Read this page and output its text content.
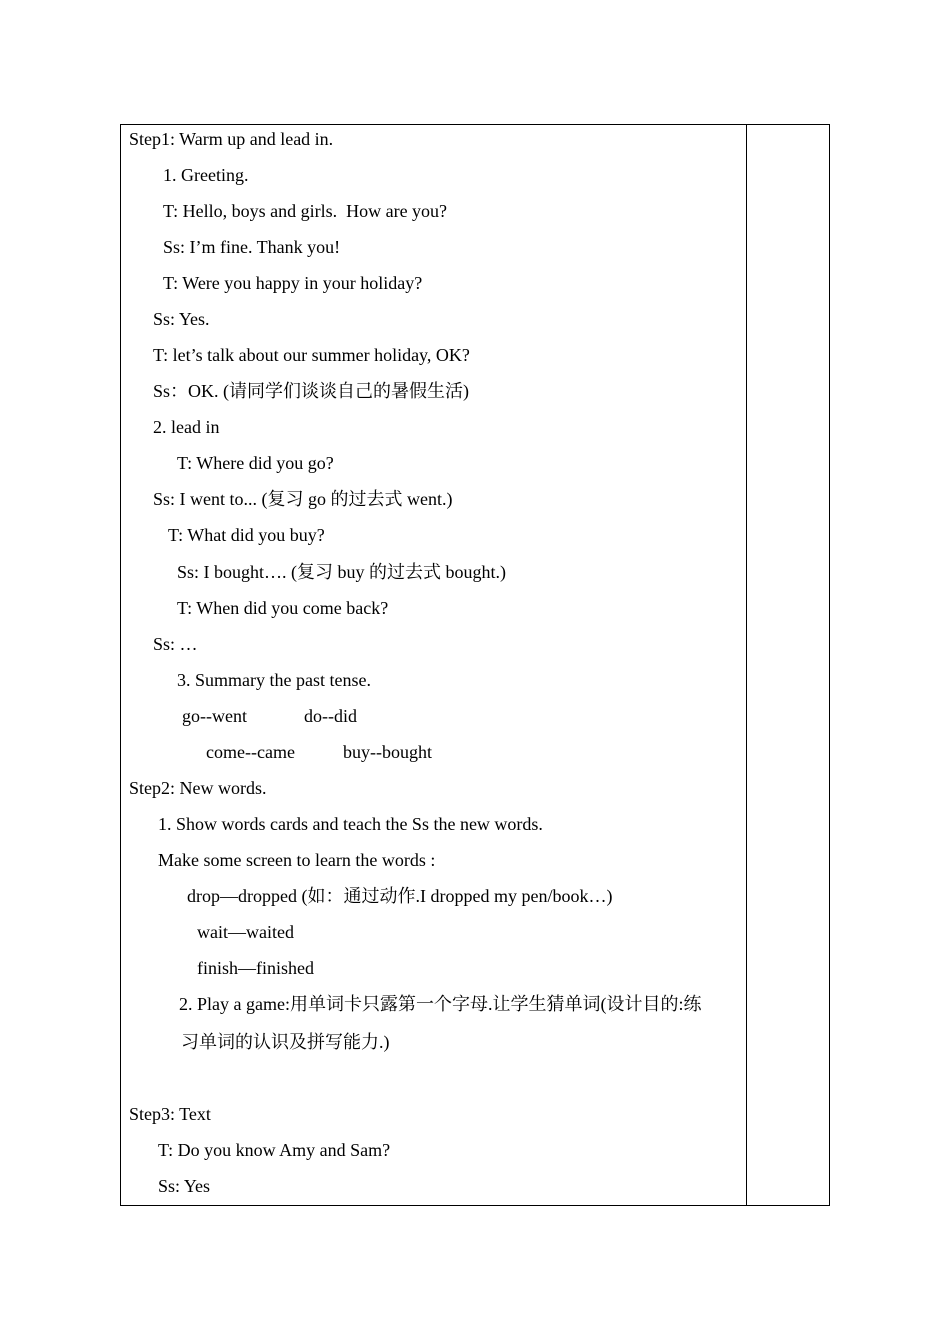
Step1: Warm up and lead in.

1. Greeting.

T: Hello, boys and girls.  How are you?

Ss: I’m fine. Thank you!

T: Were you happy in your holiday?

Ss: Yes.

T: let’s talk about our summer holiday, OK?

Ss：OK. (请同学们谈谈自己的暑假生活)

2. lead in

T: Where did you go?

Ss: I went to... (复习 go 的过去式 went.)

T: What did you buy?

Ss: I bought…. (复习 buy 的过去式 bought.)

T: When did you come back?

Ss: …

3. Summary the past tense.

go--went	do--did

come--came	buy--bought

Step2: New words.

1. Show words cards and teach the Ss the new words.

Make some screen to learn the words :

drop—dropped (如：通过动作.I dropped my pen/book…)

wait—waited

finish—finished

2. Play a game:用单词卡只露第一个字母.让学生猜单词(设计目的:练

习单词的认识及拼写能力.)

Step3: Text

T: Do you know Amy and Sam?

Ss: Yes
